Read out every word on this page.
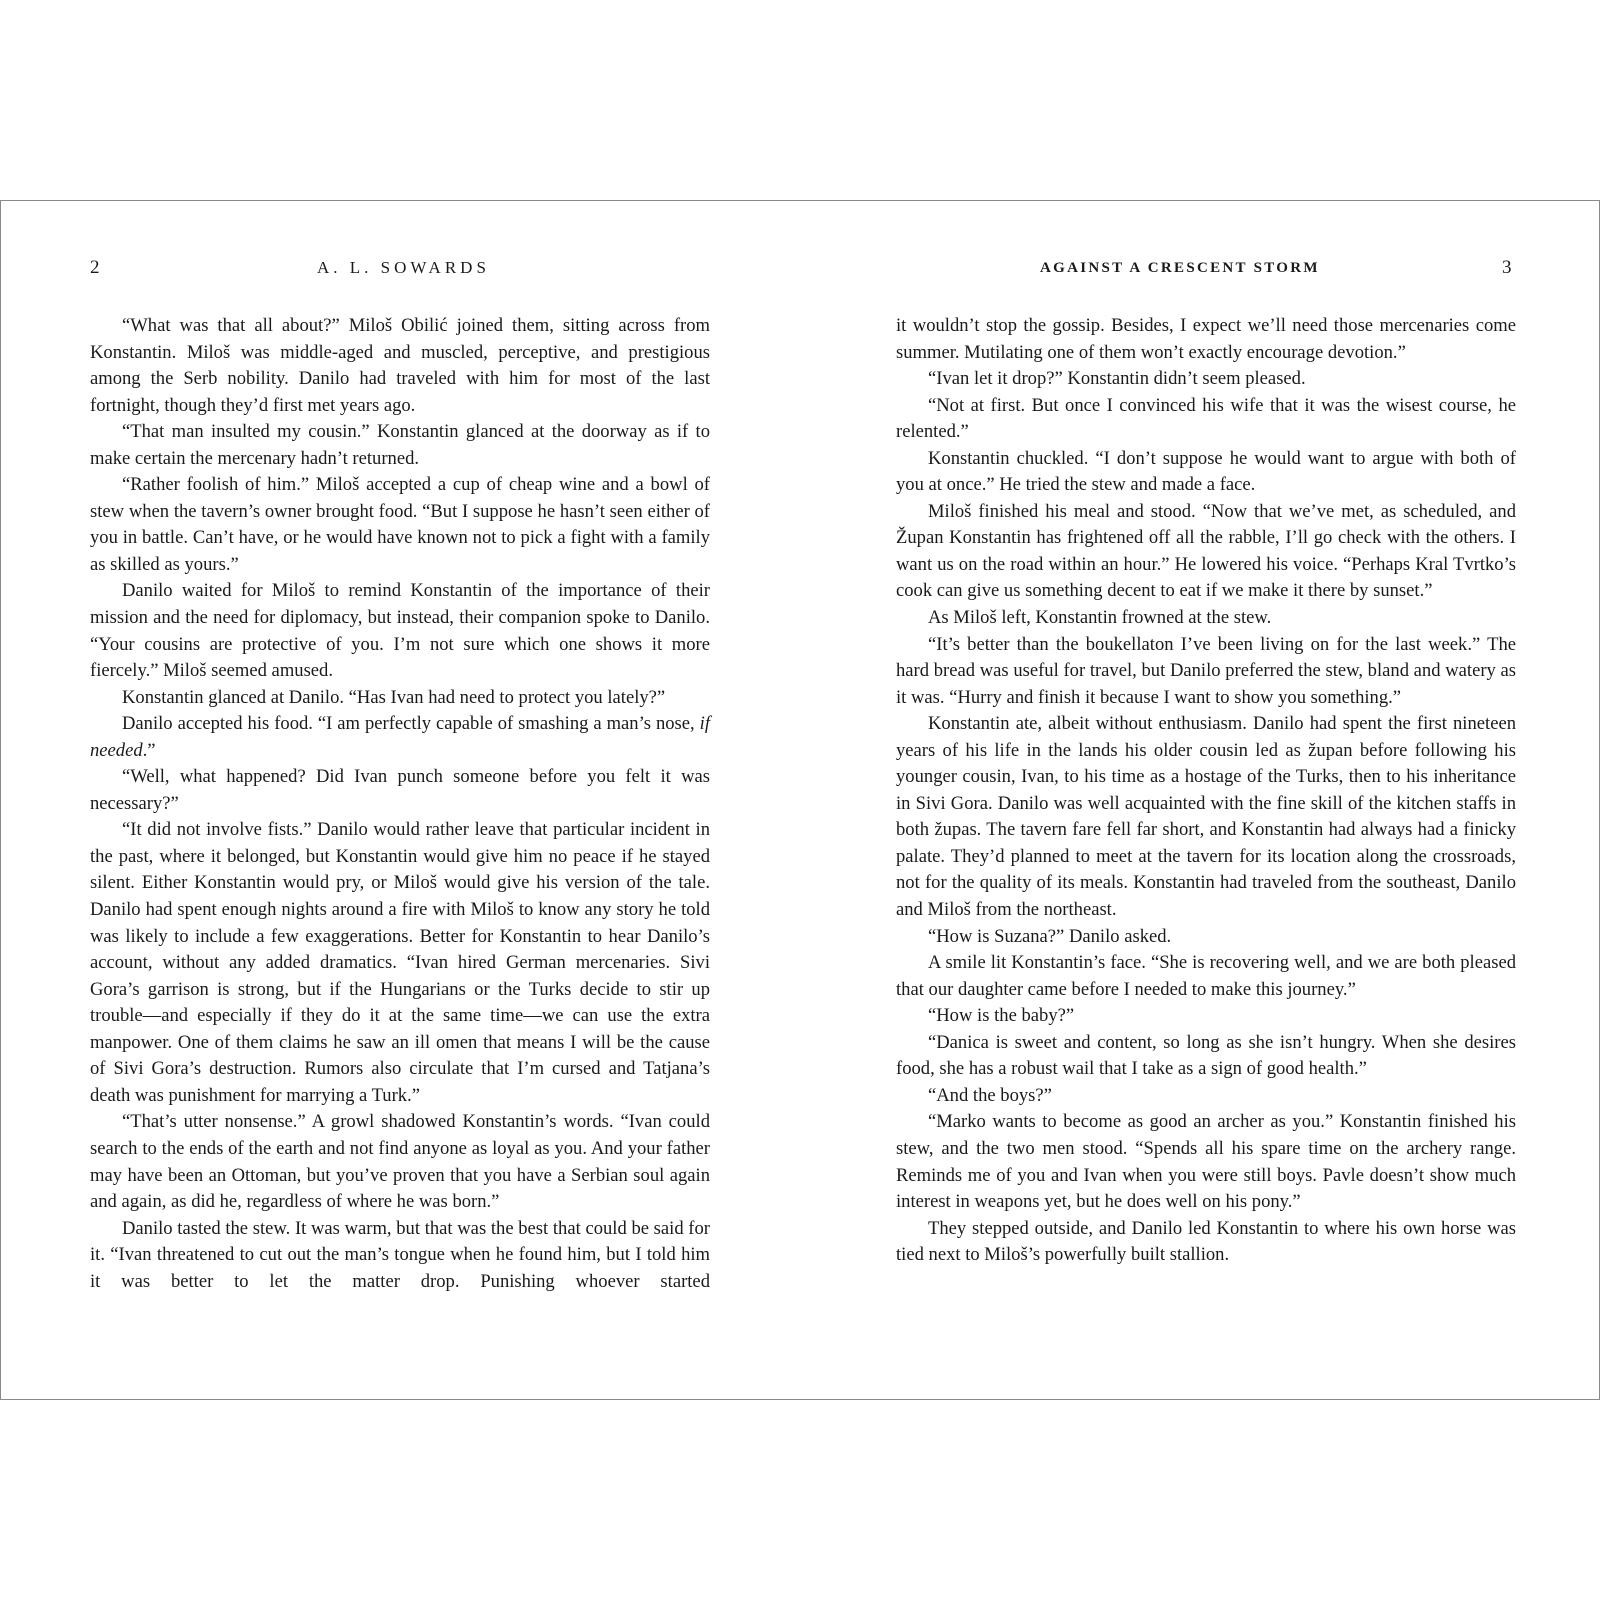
2	A. L. SOWARDS

“What was that all about?” Miloš Obilić joined them, sitting across from Konstantin. Miloš was middle-aged and muscled, perceptive, and prestigious among the Serb nobility. Danilo had traveled with him for most of the last fortnight, though they’d first met years ago.

“That man insulted my cousin.” Konstantin glanced at the doorway as if to make certain the mercenary hadn’t returned.

“Rather foolish of him.” Miloš accepted a cup of cheap wine and a bowl of stew when the tavern’s owner brought food. “But I suppose he hasn’t seen either of you in battle. Can’t have, or he would have known not to pick a fight with a family as skilled as yours.”

Danilo waited for Miloš to remind Konstantin of the importance of their mission and the need for diplomacy, but instead, their companion spoke to Danilo. “Your cousins are protective of you. I’m not sure which one shows it more fiercely.” Miloš seemed amused.

Konstantin glanced at Danilo. “Has Ivan had need to protect you lately?”

Danilo accepted his food. “I am perfectly capable of smashing a man’s nose, if needed.”

“Well, what happened? Did Ivan punch someone before you felt it was necessary?”

“It did not involve fists.” Danilo would rather leave that particular incident in the past, where it belonged, but Konstantin would give him no peace if he stayed silent. Either Konstantin would pry, or Miloš would give his version of the tale. Danilo had spent enough nights around a fire with Miloš to know any story he told was likely to include a few exaggerations. Better for Konstantin to hear Danilo’s account, without any added dramatics. “Ivan hired German mercenaries. Sivi Gora’s garrison is strong, but if the Hungarians or the Turks decide to stir up trouble—and especially if they do it at the same time—we can use the extra manpower. One of them claims he saw an ill omen that means I will be the cause of Sivi Gora’s destruction. Rumors also circulate that I’m cursed and Tatjana’s death was punishment for marrying a Turk.”

“That’s utter nonsense.” A growl shadowed Konstantin’s words. “Ivan could search to the ends of the earth and not find anyone as loyal as you. And your father may have been an Ottoman, but you’ve proven that you have a Serbian soul again and again, as did he, regardless of where he was born.”

Danilo tasted the stew. It was warm, but that was the best that could be said for it. “Ivan threatened to cut out the man’s tongue when he found him, but I told him it was better to let the matter drop. Punishing whoever started

AGAINST A CRESCENT STORM	3

it wouldn’t stop the gossip. Besides, I expect we’ll need those mercenaries come summer. Mutilating one of them won’t exactly encourage devotion.”

“Ivan let it drop?” Konstantin didn’t seem pleased.

“Not at first. But once I convinced his wife that it was the wisest course, he relented.”

Konstantin chuckled. “I don’t suppose he would want to argue with both of you at once.” He tried the stew and made a face.

Miloš finished his meal and stood. “Now that we’ve met, as scheduled, and Župan Konstantin has frightened off all the rabble, I’ll go check with the others. I want us on the road within an hour.” He lowered his voice. “Perhaps Kral Tvrtko’s cook can give us something decent to eat if we make it there by sunset.”

As Miloš left, Konstantin frowned at the stew.

“It’s better than the boukellaton I’ve been living on for the last week.” The hard bread was useful for travel, but Danilo preferred the stew, bland and watery as it was. “Hurry and finish it because I want to show you something.”

Konstantin ate, albeit without enthusiasm. Danilo had spent the first nineteen years of his life in the lands his older cousin led as župan before following his younger cousin, Ivan, to his time as a hostage of the Turks, then to his inheritance in Sivi Gora. Danilo was well acquainted with the fine skill of the kitchen staffs in both župas. The tavern fare fell far short, and Konstantin had always had a finicky palate. They’d planned to meet at the tavern for its location along the crossroads, not for the quality of its meals. Konstantin had traveled from the southeast, Danilo and Miloš from the northeast.

“How is Suzana?” Danilo asked.

A smile lit Konstantin’s face. “She is recovering well, and we are both pleased that our daughter came before I needed to make this journey.”

“How is the baby?”

“Danica is sweet and content, so long as she isn’t hungry. When she desires food, she has a robust wail that I take as a sign of good health.”

“And the boys?”

“Marko wants to become as good an archer as you.” Konstantin finished his stew, and the two men stood. “Spends all his spare time on the archery range. Reminds me of you and Ivan when you were still boys. Pavle doesn’t show much interest in weapons yet, but he does well on his pony.”

They stepped outside, and Danilo led Konstantin to where his own horse was tied next to Miloš’s powerfully built stallion.
